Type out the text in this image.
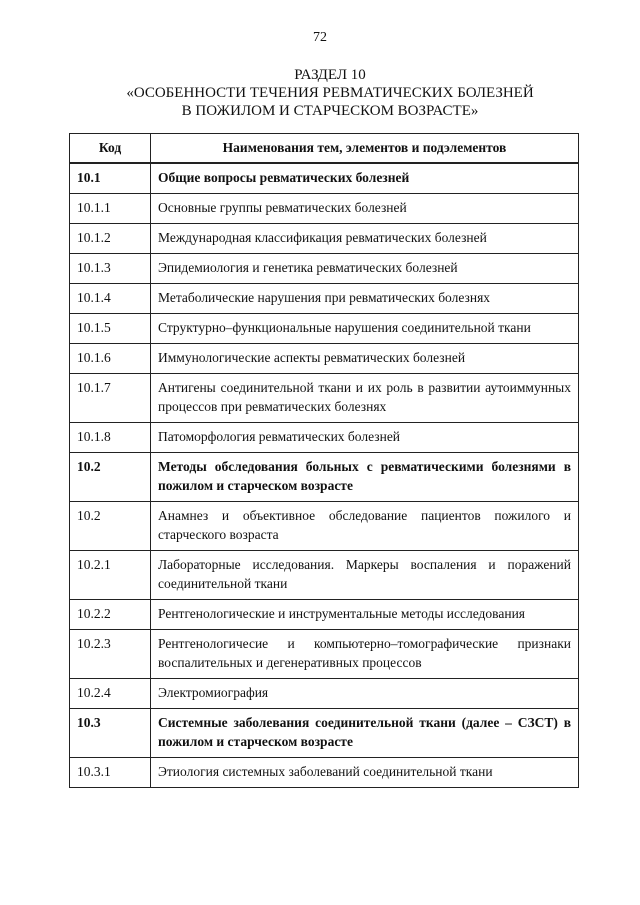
72
РАЗДЕЛ 10
«ОСОБЕННОСТИ ТЕЧЕНИЯ РЕВМАТИЧЕСКИХ БОЛЕЗНЕЙ
В ПОЖИЛОМ И СТАРЧЕСКОМ ВОЗРАСТЕ»
Код	Наименования тем, элементов и подэлементов
10.1	Общие вопросы ревматических болезней
10.1.1	Основные группы ревматических болезней
10.1.2	Международная классификация ревматических болезней
10.1.3	Эпидемиология и генетика ревматических болезней
10.1.4	Метаболические нарушения при ревматических болезнях
10.1.5	Структурно–функциональные нарушения соединительной ткани
10.1.6	Иммунологические аспекты ревматических болезней
10.1.7	Антигены соединительной ткани и их роль в развитии аутоиммунных процессов при ревматических болезнях
10.1.8	Патоморфология ревматических болезней
10.2	Методы обследования больных с ревматическими болезнями в пожилом и старческом возрасте
10.2	Анамнез и объективное обследование пациентов пожилого и старческого возраста
10.2.1	Лабораторные исследования. Маркеры воспаления и поражений соединительной ткани
10.2.2	Рентгенологические и инструментальные методы исследования
10.2.3	Рентгенологичесие и компьютерно–томографические признаки воспалительных и дегенеративных процессов
10.2.4	Электромиография
10.3	Системные заболевания соединительной ткани (далее – СЗСТ) в пожилом и старческом возрасте
10.3.1	Этиология системных заболеваний соединительной ткани
